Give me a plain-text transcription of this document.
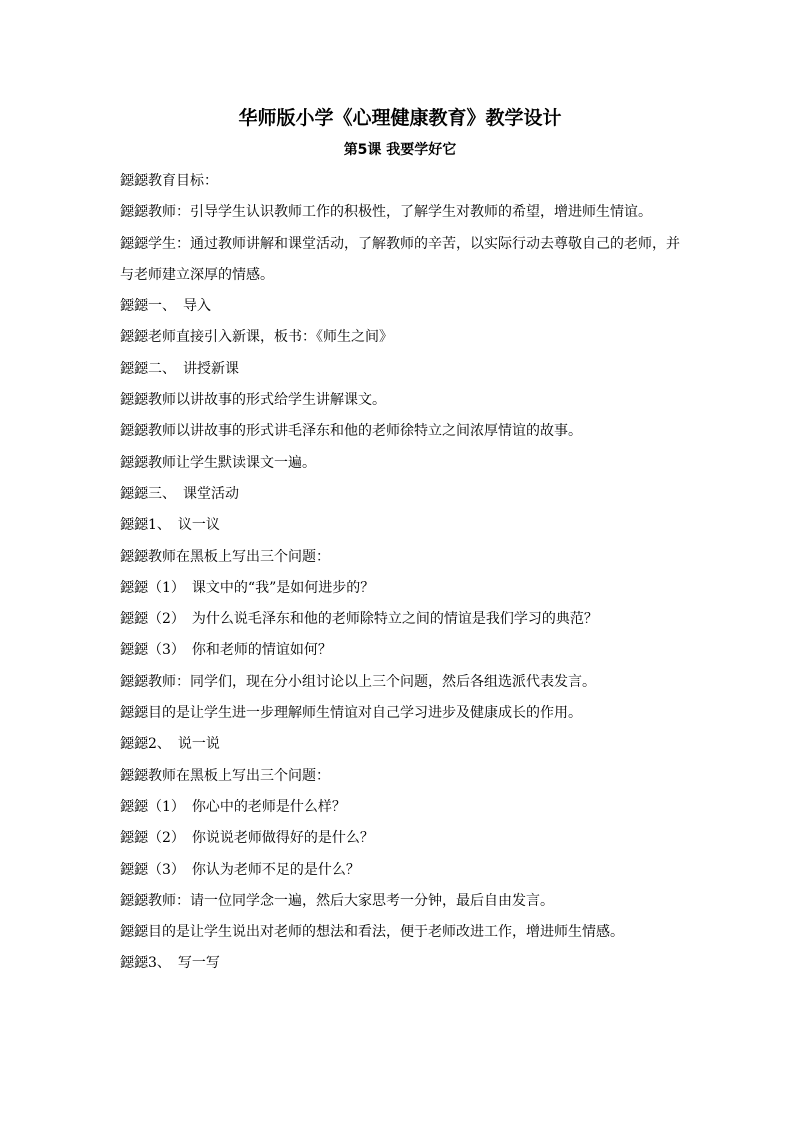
华师版小学《心理健康教育》教学设计
第5课 我要学好它

鐚鐚教育目标：

鐚鐚教师：引导学生认识教师工作的积极性，了解学生对教师的希望，增进师生情谊。

鐚鐚学生：通过教师讲解和课堂活动，了解教师的辛苦，以实际行动去尊敬自己的老师，并与老师建立深厚的情感。

鐚鐚一、　导入

鐚鐚老师直接引入新课，板书：《师生之间》

鐚鐚二、　讲授新课

鐚鐚教师以讲故事的形式给学生讲解课文。

鐚鐚教师以讲故事的形式讲毛泽东和他的老师徐特立之间浓厚情谊的故事。

鐚鐚教师让学生默读课文一遍。

鐚鐚三、　课堂活动

鐚鐚1、　议一议

鐚鐚教师在黑板上写出三个问题：

鐚鐚（1）　课文中的“我”是如何进步的？

鐚鐚（2）　为什么说毛泽东和他的老师除特立之间的情谊是我们学习的典范？

鐚鐚（3）　你和老师的情谊如何？

鐚鐚教师：同学们，现在分小组讨论以上三个问题，然后各组选派代表发言。

鐚鐚目的是让学生进一步理解师生情谊对自己学习进步及健康成长的作用。

鐚鐚2、　说一说

鐚鐚教师在黑板上写出三个问题：

鐚鐚（1）　你心中的老师是什么样？

鐚鐚（2）　你说说老师做得好的是什么？

鐚鐚（3）　你认为老师不足的是什么？

鐚鐚教师：请一位同学念一遍，然后大家思考一分钟，最后自由发言。

鐚鐚目的是让学生说出对老师的想法和看法，便于老师改进工作，增进师生情感。

鐚鐚3、　写一写
